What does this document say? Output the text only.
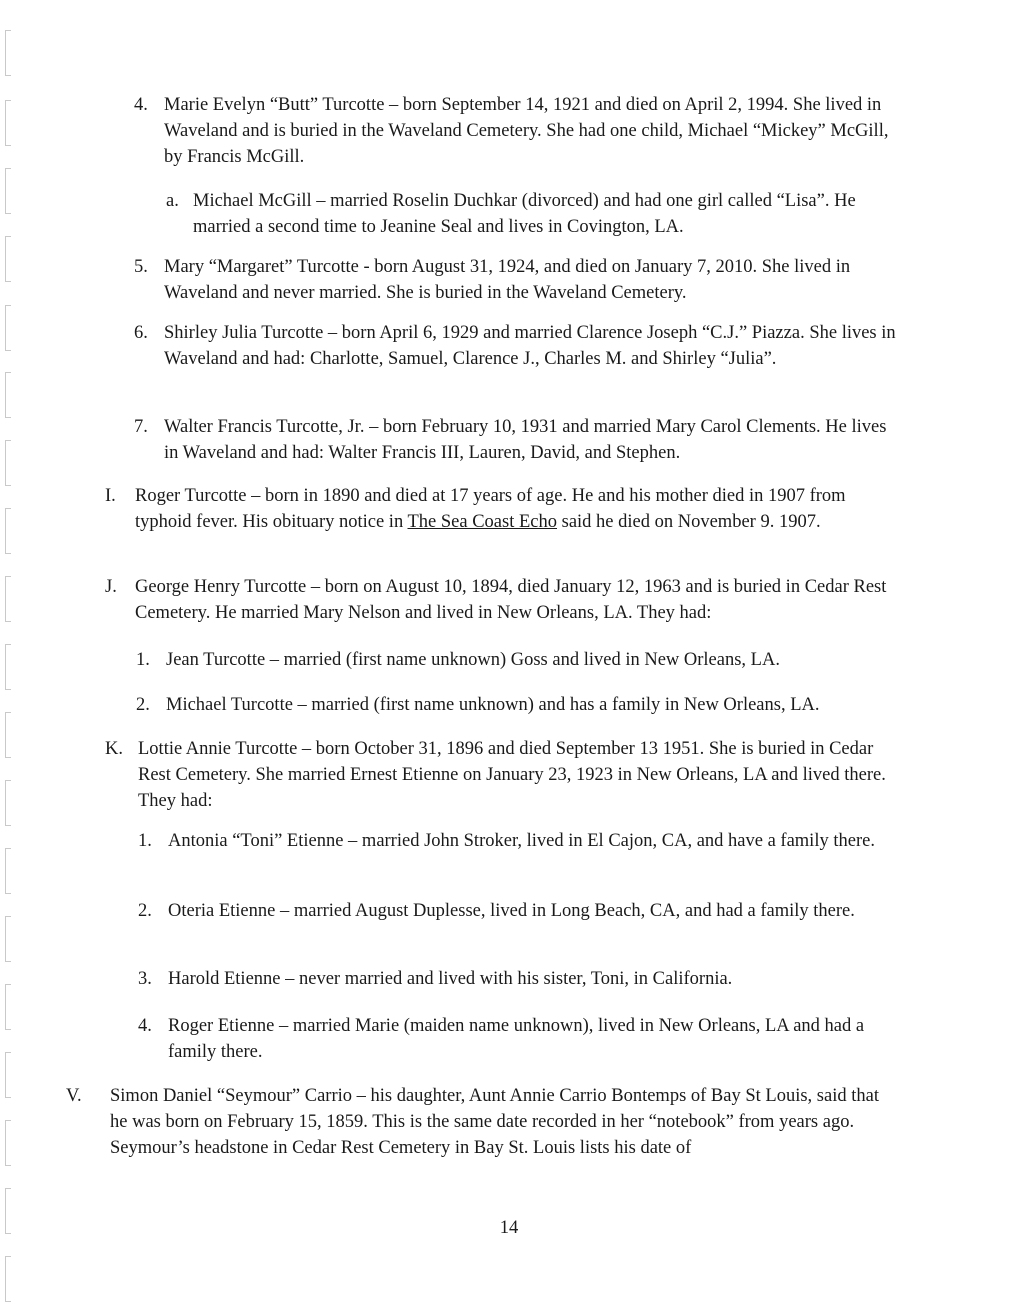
4. Marie Evelyn “Butt” Turcotte – born September 14, 1921 and died on April 2, 1994. She lived in Waveland and is buried in the Waveland Cemetery. She had one child, Michael “Mickey” McGill, by Francis McGill.
a. Michael McGill – married Roselin Duchkar (divorced) and had one girl called “Lisa”. He married a second time to Jeanine Seal and lives in Covington, LA.
5. Mary “Margaret” Turcotte - born August 31, 1924, and died on January 7, 2010. She lived in Waveland and never married. She is buried in the Waveland Cemetery.
6. Shirley Julia Turcotte – born April 6, 1929 and married Clarence Joseph “C.J.” Piazza. She lives in Waveland and had: Charlotte, Samuel, Clarence J., Charles M. and Shirley “Julia”.
7. Walter Francis Turcotte, Jr. – born February 10, 1931 and married Mary Carol Clements. He lives in Waveland and had: Walter Francis III, Lauren, David, and Stephen.
I. Roger Turcotte – born in 1890 and died at 17 years of age. He and his mother died in 1907 from typhoid fever. His obituary notice in The Sea Coast Echo said he died on November 9. 1907.
J. George Henry Turcotte – born on August 10, 1894, died January 12, 1963 and is buried in Cedar Rest Cemetery. He married Mary Nelson and lived in New Orleans, LA. They had:
1. Jean Turcotte – married (first name unknown) Goss and lived in New Orleans, LA.
2. Michael Turcotte – married (first name unknown) and has a family in New Orleans, LA.
K. Lottie Annie Turcotte – born October 31, 1896 and died September 13 1951. She is buried in Cedar Rest Cemetery. She married Ernest Etienne on January 23, 1923 in New Orleans, LA and lived there. They had:
1. Antonia “Toni” Etienne – married John Stroker, lived in El Cajon, CA, and have a family there.
2. Oteria Etienne – married August Duplesse, lived in Long Beach, CA, and had a family there.
3. Harold Etienne – never married and lived with his sister, Toni, in California.
4. Roger Etienne – married Marie (maiden name unknown), lived in New Orleans, LA and had a family there.
V. Simon Daniel “Seymour” Carrio – his daughter, Aunt Annie Carrio Bontemps of Bay St Louis, said that he was born on February 15, 1859. This is the same date recorded in her “notebook” from years ago. Seymour’s headstone in Cedar Rest Cemetery in Bay St. Louis lists his date of
14
